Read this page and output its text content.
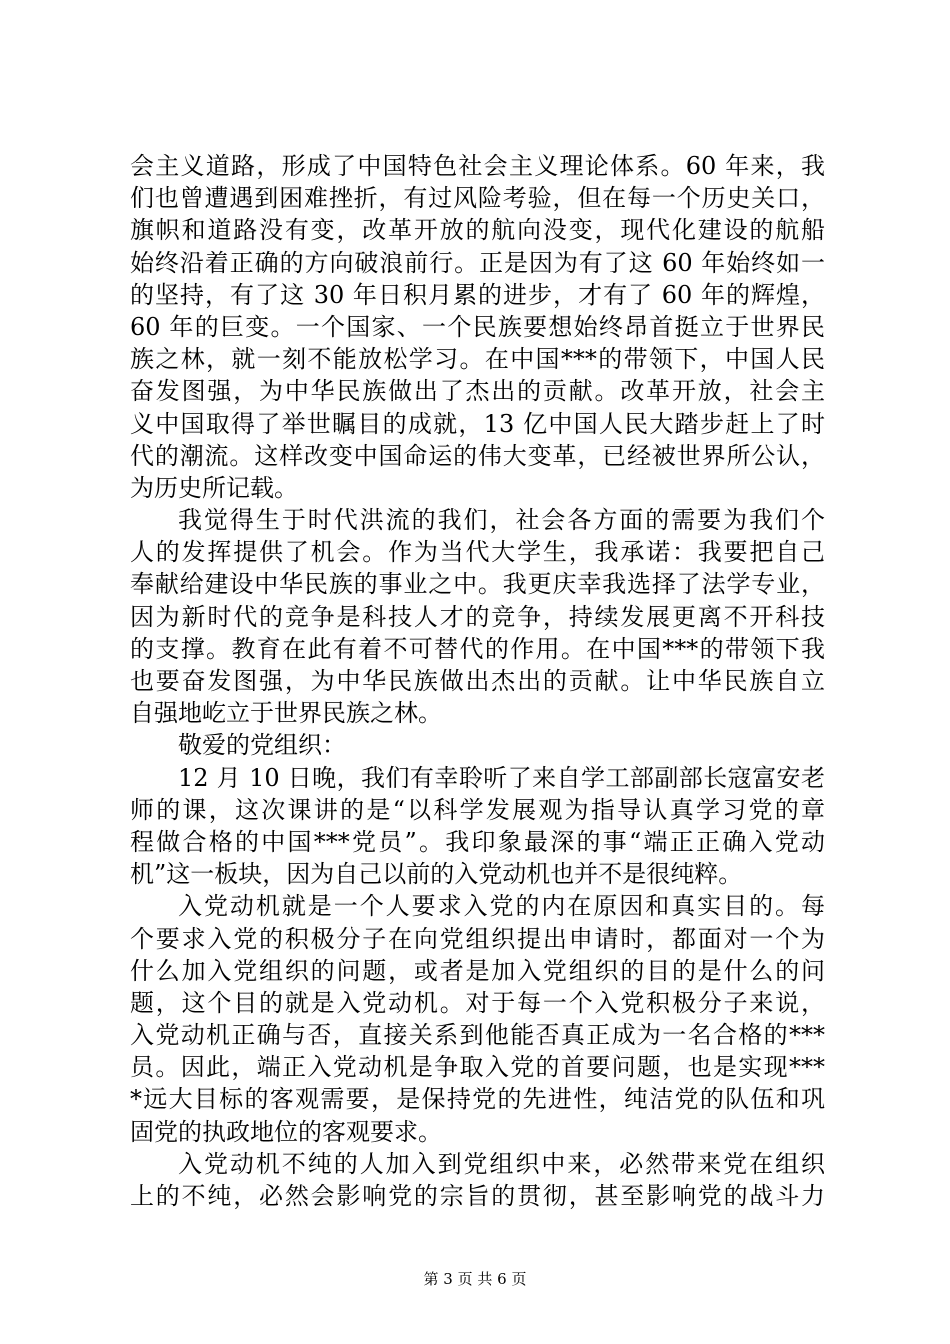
会主义道路，形成了中国特色社会主义理论体系。60 年来，我
们也曾遭遇到困难挫折，有过风险考验，但在每一个历史关口，
旗帜和道路没有变，改革开放的航向没变，现代化建设的航船
始终沿着正确的方向破浪前行。正是因为有了这 60 年始终如一
的坚持，有了这 30 年日积月累的进步，才有了 60 年的辉煌，
60 年的巨变。一个国家、一个民族要想始终昂首挺立于世界民
族之林，就一刻不能放松学习。在中国***的带领下，中国人民
奋发图强，为中华民族做出了杰出的贡献。改革开放，社会主
义中国取得了举世瞩目的成就，13 亿中国人民大踏步赶上了时
代的潮流。这样改变中国命运的伟大变革，已经被世界所公认，
为历史所记载。
我觉得生于时代洪流的我们，社会各方面的需要为我们个
人的发挥提供了机会。作为当代大学生，我承诺：我要把自己
奉献给建设中华民族的事业之中。我更庆幸我选择了法学专业，
因为新时代的竞争是科技人才的竞争，持续发展更离不开科技
的支撑。教育在此有着不可替代的作用。在中国***的带领下我
也要奋发图强，为中华民族做出杰出的贡献。让中华民族自立
自强地屹立于世界民族之林。
敬爱的党组织：
12 月 10 日晚，我们有幸聆听了来自学工部副部长寇富安老
师的课，这次课讲的是“以科学发展观为指导认真学习党的章
程做合格的中国***党员”。我印象最深的事“端正正确入党动
机”这一板块，因为自己以前的入党动机也并不是很纯粹。
入党动机就是一个人要求入党的内在原因和真实目的。每
个要求入党的积极分子在向党组织提出申请时，都面对一个为
什么加入党组织的问题，或者是加入党组织的目的是什么的问
题，这个目的就是入党动机。对于每一个入党积极分子来说，
入党动机正确与否，直接关系到他能否真正成为一名合格的***
员。因此，端正入党动机是争取入党的首要问题，也是实现***
*远大目标的客观需要，是保持党的先进性，纯洁党的队伍和巩
固党的执政地位的客观要求。
入党动机不纯的人加入到党组织中来，必然带来党在组织
上的不纯，必然会影响党的宗旨的贯彻，甚至影响党的战斗力
第 3 页 共 6 页
